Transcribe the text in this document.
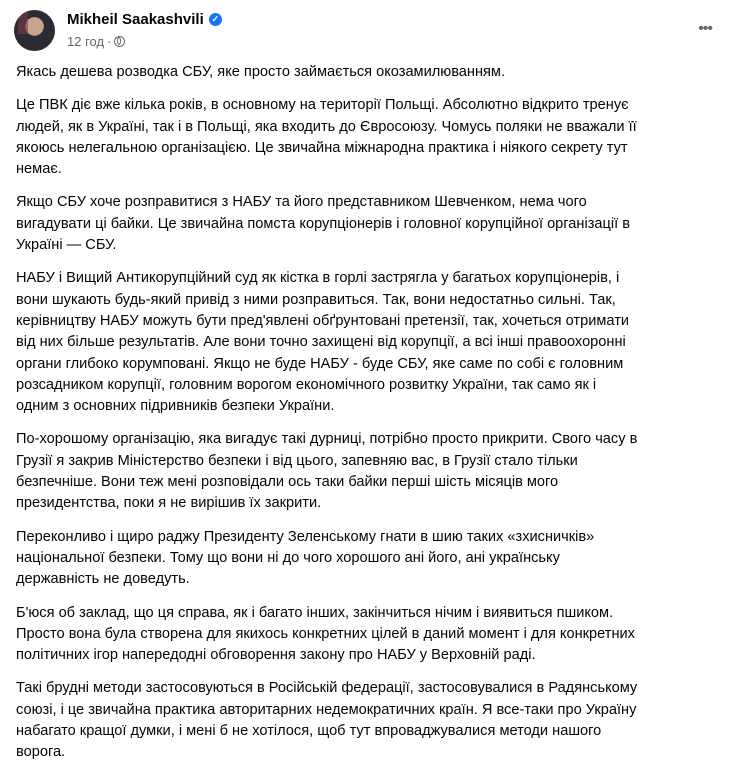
Mikheil Saakashvili ✓
12 год ·
•••
Якась дешева розводка СБУ, яке просто займається окозамилюванням.
Це ПВК діє вже кілька років, в основному на території Польщі. Абсолютно відкрито тренує
людей, як в Україні, так і в Польщі, яка входить до Євросоюзу. Чомусь поляки не вважали її
якоюсь нелегальною організацією. Це звичайна міжнародна практика і ніякого секрету тут
немає.
Якщо СБУ хоче розправитися з НАБУ та його представником Шевченком, нема чого
вигадувати ці байки. Це звичайна помста корупціонерів і головної корупційної організації в
Україні — СБУ.
НАБУ і Вищий Антикорупційний суд як кістка в горлі застрягла у багатьох корупціонерів, і
вони шукають будь-який привід з ними розправиться. Так, вони недостатньо сильні. Так,
керівництву НАБУ можуть бути пред'явлені обґрунтовані претензії, так, хочеться отримати
від них більше результатів. Але вони точно захищені від корупції, а всі інші правоохоронні
органи глибоко корумповані. Якщо не буде НАБУ - буде СБУ, яке саме по собі є головним
розсадником корупції, головним ворогом економічного розвитку України, так само як і
одним з основних підривників безпеки України.
По-хорошому організацію, яка вигадує такі дурниці, потрібно просто прикрити. Свого часу в
Грузії я закрив Міністерство безпеки і від цього, запевняю вас, в Грузії стало тільки
безпечніше. Вони теж мені розповідали ось таки байки перші шість місяців мого
президентства, поки я не вирішив їх закрити.
Переконливо і щиро раджу Президенту Зеленському гнати в шию таких «зхисничків»
національної безпеки. Тому що вони ні до чого хорошого ані його, ані українську
державність не доведуть.
Б'юся об заклад, що ця справа, як і багато інших, закінчиться нічим і виявиться пшиком.
Просто вона була створена для якихось конкретних цілей в даний момент і для конкретних
політичних ігор напередодні обговорення закону про НАБУ у Верховній раді.
Такі брудні методи застосовуються в Російській федерації, застосовувалися в Радянському
союзі, і це звичайна практика авторитарних недемократичних країн. Я все-таки про Україну
набагато кращої думки, і мені б не хотілося, щоб тут впроваджувалися методи нашого
ворога.
